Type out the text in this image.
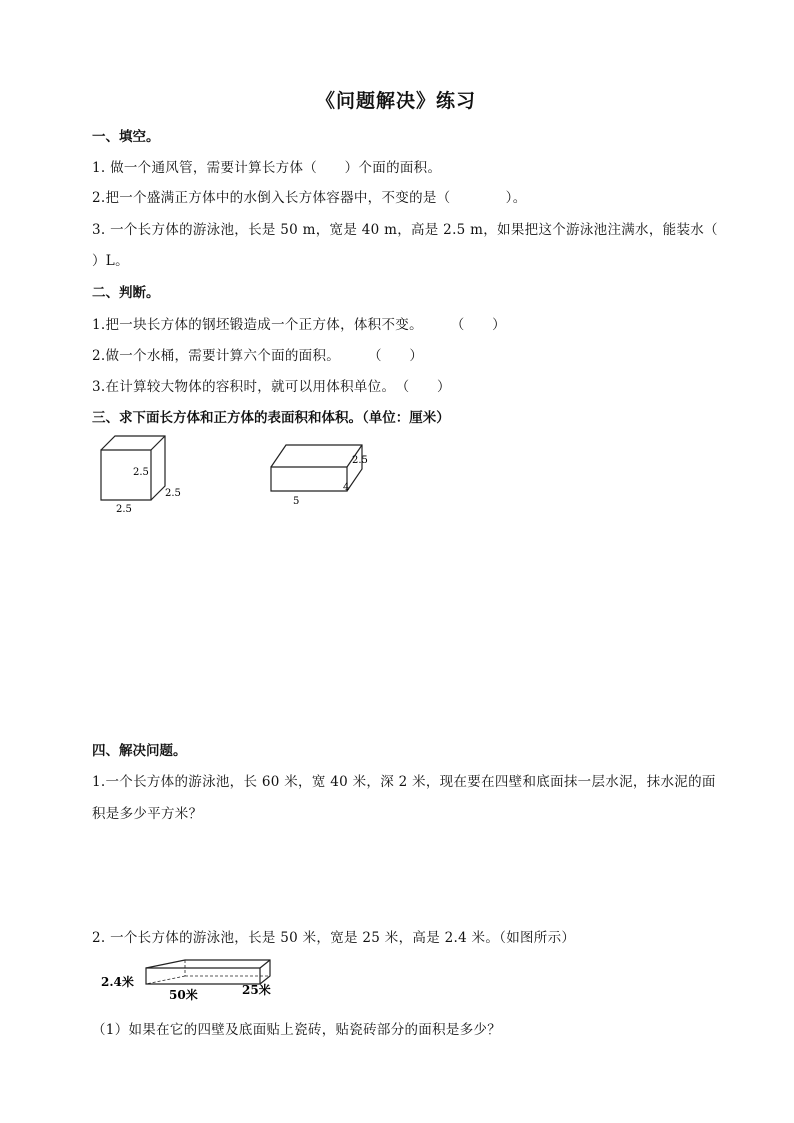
《问题解决》练习
一、填空。
1. 做一个通风管，需要计算长方体（　　）个面的面积。
2.把一个盛满正方体中的水倒入长方体容器中，不变的是（　　　　）。
3. 一个长方体的游泳池，长是 50 m，宽是 40 m，高是 2.5 m，如果把这个游泳池注满水，能装水（
）L。
二、判断。
1.把一块长方体的钢坯锻造成一个正方体，体积不变。　　　（　　）
2.做一个水桶，需要计算六个面的面积。　　　（　　）
3.在计算较大物体的容积时，就可以用体积单位。　（　　）
三、求下面长方体和正方体的表面积和体积。（单位：厘米）
2.5
2.5
2.5
2.5
4
5
四、解决问题。
1.一个长方体的游泳池，长 60 米，宽 40 米，深 2 米，现在要在四壁和底面抹一层水泥，抹水泥的面
积是多少平方米？
2. 一个长方体的游泳池，长是 50 米，宽是 25 米，高是 2.4 米。（如图所示）
2.4米
50米	25米
（1）如果在它的四壁及底面贴上瓷砖，贴瓷砖部分的面积是多少？
